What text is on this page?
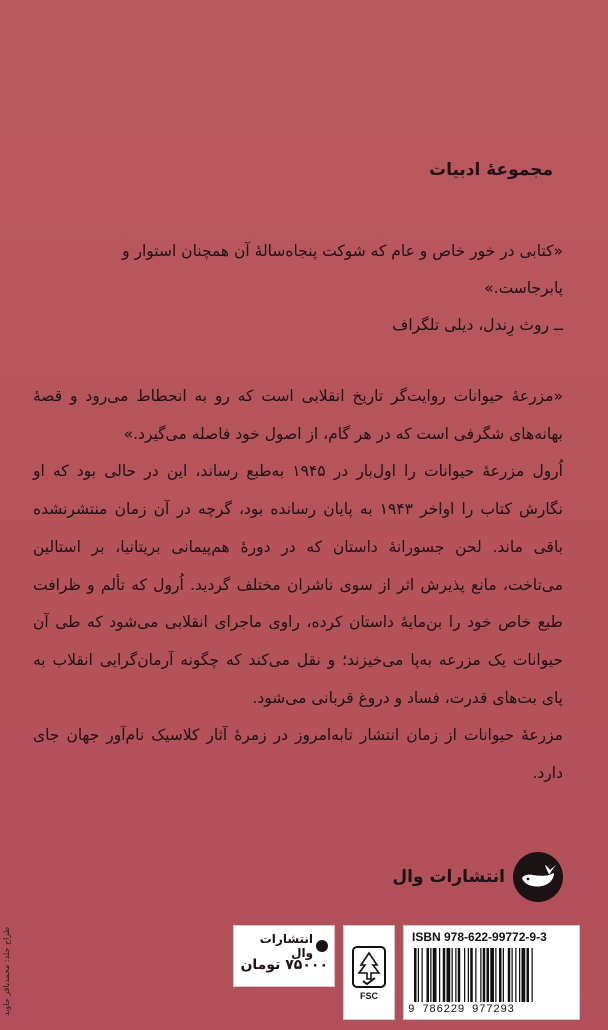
مجموعهٔ ادبیات
«کتابی در خور خاص و عام که شوکت پنجاه‌سالهٔ آن همچنان استوار و پابرجاست.»
ــ روث رِندل، دیلی تلگراف

«مزرعهٔ حیوانات روایت‌گر تاریخ انقلابی است که رو به انحطاط می‌رود و قصهٔ بهانه‌های شگرفی است که در هر گام، از اصول خود فاصله می‌گیرد.»

اُرول مزرعهٔ حیوانات را اول‌بار در ۱۹۴۵ به‌طبع رساند، این در حالی بود که او نگارش کتاب را اواخر ۱۹۴۳ به پایان رسانده بود، گرچه در آن زمان منتشرنشده باقی ماند. لحن جسورانهٔ داستان که در دورهٔ هم‌پیمانی بریتانیا، بر استالین می‌تاخت، مانع پذیرش اثر از سوی ناشران مختلف گردید. اُرول که تألم و ظرافت طبع خاص خود را بن‌مایهٔ داستان کرده، راوی ماجرای انقلابی می‌شود که طی آن حیوانات یک مزرعه به‌پا می‌خیزند؛ و نقل می‌کند که چگونه آرمان‌گرایی انقلاب به پای بت‌های قدرت، فساد و دروغ قربانی می‌شود.

مزرعهٔ حیوانات از زمان انتشار تا‌به‌امروز در زمرهٔ آثار کلاسیک نام‌آور جهان جای دارد.

انتشارات وال
ISBN 978-622-99772-9-3
9 786229 977293
FSC
انتشارات وال
۷۵۰۰۰ تومان
طراح جلد: محمدباقر جاوید
